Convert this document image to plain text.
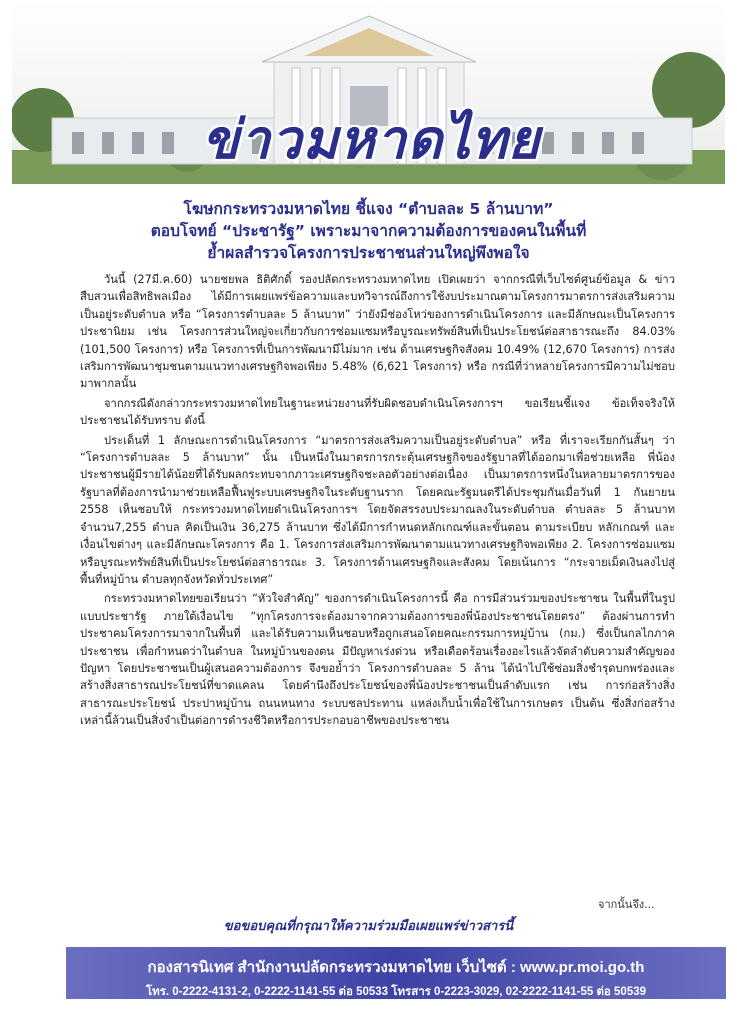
ข่าวมหาดไทย
โฆษกกระทรวงมหาดไทย ชี้แจง “ตำบลละ 5 ล้านบาท”
ตอบโจทย์ “ประชารัฐ” เพราะมาจากความต้องการของคนในพื้นที่
ย้ำผลสำรวจโครงการประชาชนส่วนใหญ่พึงพอใจ

วันนี้ (27มี.ค.60) นายชยพล ธิติศักดิ์ รองปลัดกระทรวงมหาดไทย เปิดเผยว่า จากกรณีที่เว็บไซต์ศูนย์ข้อมูล & ข่าวสืบสวนเพื่อสิทธิพลเมือง ได้มีการเผยแพร่ข้อความและบทวิจารณ์ถึงการใช้งบประมาณตามโครงการมาตรการส่งเสริมความเป็นอยู่ระดับตำบล หรือ “โครงการตำบลละ 5 ล้านบาท” ว่ายังมีช่องโหว่ของการดำเนินโครงการ และมีลักษณะเป็นโครงการประชานิยม เช่น โครงการส่วนใหญ่จะเกี่ยวกับการซ่อมแซมหรือบูรณะทรัพย์สินที่เป็นประโยชน์ต่อสาธารณะถึง 84.03% (101,500 โครงการ) หรือ โครงการที่เป็นการพัฒนามีไม่มาก เช่น ด้านเศรษฐกิจสังคม 10.49% (12,670 โครงการ) การส่งเสริมการพัฒนาชุมชนตามแนวทางเศรษฐกิจพอเพียง 5.48% (6,621 โครงการ) หรือ กรณีที่ว่าหลายโครงการมีความไม่ชอบมาพากลนั้น

จากกรณีดังกล่าวกระทรวงมหาดไทยในฐานะหน่วยงานที่รับผิดชอบดำเนินโครงการฯ ขอเรียนชี้แจง ข้อเท็จจริงให้ประชาชนได้รับทราบ ดังนี้

ประเด็นที่ 1 ลักษณะการดำเนินโครงการ “มาตรการส่งเสริมความเป็นอยู่ระดับตำบล” หรือ ที่เราจะเรียกกันสั้นๆ ว่า “โครงการตำบลละ 5 ล้านบาท” นั้น เป็นหนึ่งในมาตรการกระตุ้นเศรษฐกิจของรัฐบาลที่ได้ออกมาเพื่อช่วยเหลือ พี่น้องประชาชนผู้มีรายได้น้อยที่ได้รับผลกระทบจากภาวะเศรษฐกิจชะลอตัวอย่างต่อเนื่อง เป็นมาตรการหนึ่งในหลายมาตรการของรัฐบาลที่ต้องการนำมาช่วยเหลือฟื้นฟูระบบเศรษฐกิจในระดับฐานราก โดยคณะรัฐมนตรีได้ประชุมกันเมื่อวันที่ 1 กันยายน 2558 เห็นชอบให้ กระทรวงมหาดไทยดำเนินโครงการฯ โดยจัดสรรงบประมาณลงในระดับตำบล ตำบลละ 5 ล้านบาท จำนวน7,255 ตำบล คิดเป็นเงิน 36,275 ล้านบาท ซึ่งได้มีการกำหนดหลักเกณฑ์และขั้นตอน ตามระเบียบ หลักเกณฑ์ และเงื่อนไขต่างๆ และมีลักษณะโครงการ คือ 1. โครงการส่งเสริมการพัฒนาตามแนวทางเศรษฐกิจพอเพียง 2. โครงการซ่อมแซมหรือบูรณะทรัพย์สินที่เป็นประโยชน์ต่อสาธารณะ 3. โครงการด้านเศรษฐกิจและสังคม โดยเน้นการ “กระจายเม็ดเงินลงไปสู่พื้นที่หมู่บ้าน ตำบลทุกจังหวัดทั่วประเทศ”

กระทรวงมหาดไทยขอเรียนว่า “หัวใจสำคัญ” ของการดำเนินโครงการนี้ คือ การมีส่วนร่วมของประชาชน ในพื้นที่ในรูปแบบประชารัฐ ภายใต้เงื่อนไข “ทุกโครงการจะต้องมาจากความต้องการของพี่น้องประชาชนโดยตรง” ต้องผ่านการทำประชาคมโครงการมาจากในพื้นที่ และได้รับความเห็นชอบหรือถูกเสนอโดยคณะกรรมการหมู่บ้าน (กม.) ซึ่งเป็นกลไกภาคประชาชน เพื่อกำหนดว่าในตำบล ในหมู่บ้านของตน มีปัญหาเร่งด่วน หรือเดือดร้อนเรื่องอะไรแล้วจัดลำดับความสำคัญของปัญหา โดยประชาชนเป็นผู้เสนอความต้องการ จึงขอย้ำว่า โครงการตำบลละ 5 ล้าน ได้นำไปใช้ซ่อมสิ่งชำรุดบกพร่องและสร้างสิ่งสาธารณประโยชน์ที่ขาดแคลน โดยคำนึงถึงประโยชน์ของพี่น้องประชาชนเป็นลำดับแรก เช่น การก่อสร้างสิ่งสาธารณะประโยชน์ ประปาหมู่บ้าน ถนนหนทาง ระบบชลประทาน แหล่งเก็บน้ำเพื่อใช้ในการเกษตร เป็นต้น ซึ่งสิ่งก่อสร้างเหล่านี้ล้วนเป็นสิ่งจำเป็นต่อการดำรงชีวิตหรือการประกอบอาชีพของประชาชน

จากนั้นจึง...
ขอขอบคุณที่กรุณาให้ความร่วมมือเผยแพร่ข่าวสารนี้
กองสารนิเทศ สำนักงานปลัดกระทรวงมหาดไทย เว็บไซต์ : www.pr.moi.go.th
โทร. 0-2222-4131-2, 0-2222-1141-55 ต่อ 50533 โทรสาร 0-2223-3029, 02-2222-1141-55 ต่อ 50539
